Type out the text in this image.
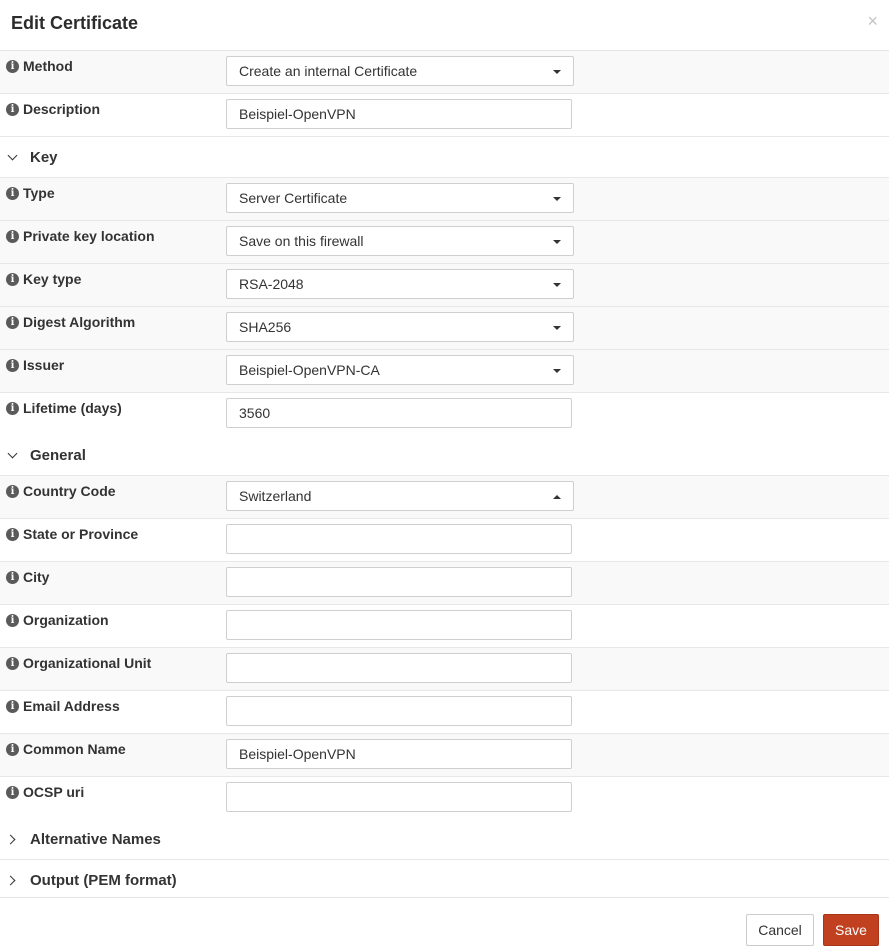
Edit Certificate	×
i Method	Create an internal Certificate
i Description	Beispiel-OpenVPN
Key
i Type	Server Certificate
i Private key location	Save on this firewall
i Key type	RSA-2048
i Digest Algorithm	SHA256
i Issuer	Beispiel-OpenVPN-CA
i Lifetime (days)	3560
General
i Country Code	Switzerland
i State or Province
i City
i Organization
i Organizational Unit
i Email Address
i Common Name	Beispiel-OpenVPN
i OCSP uri
Alternative Names
Output (PEM format)
Cancel	Save
